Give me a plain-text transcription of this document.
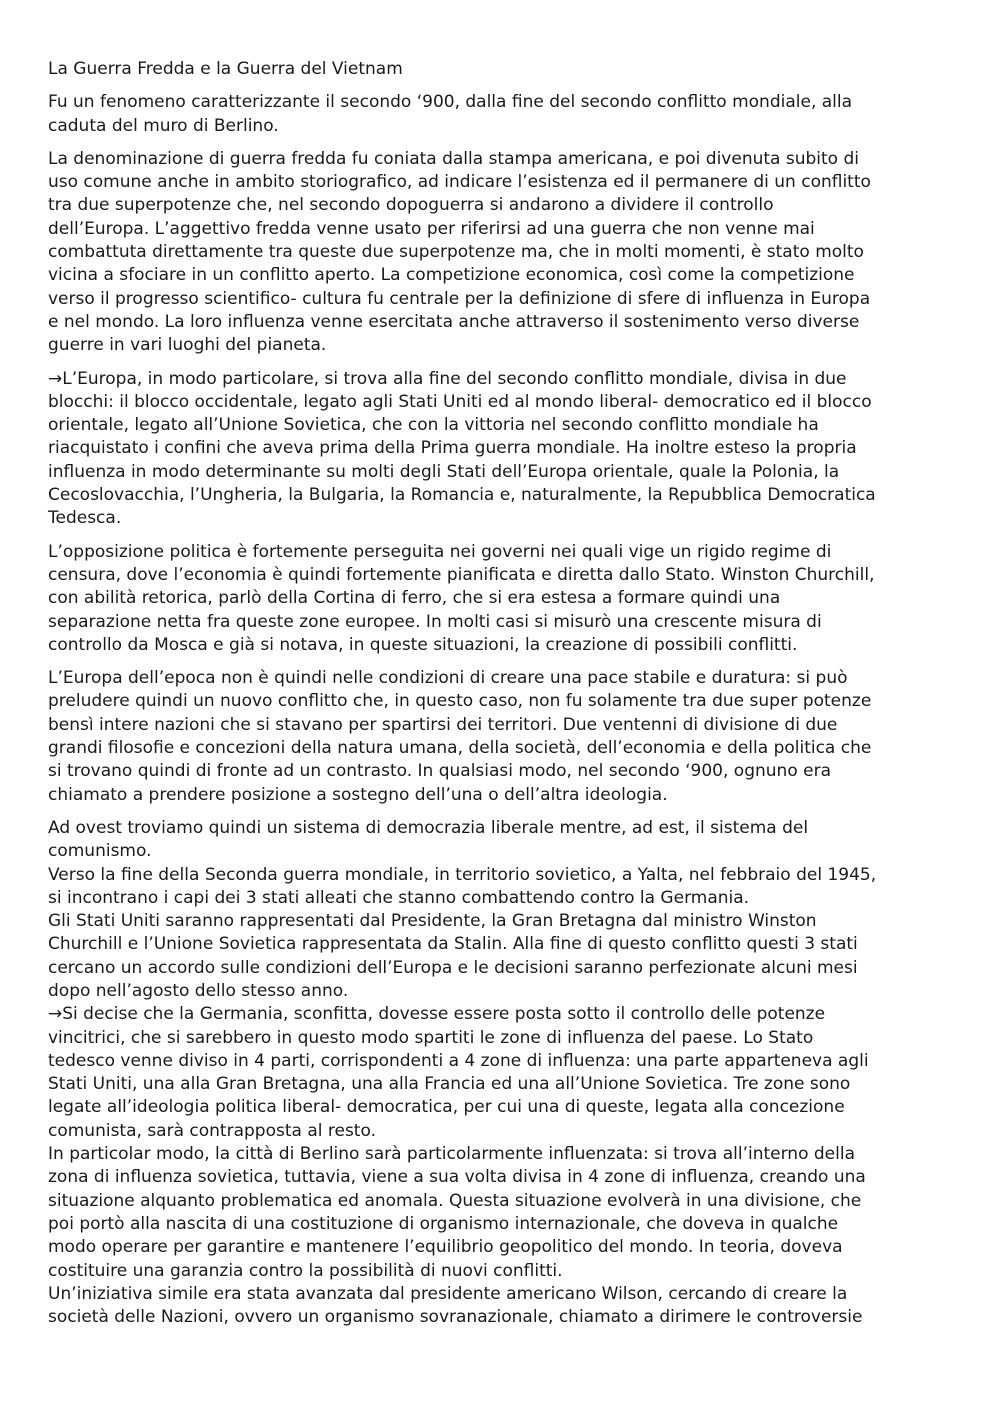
La Guerra Fredda e la Guerra del Vietnam
Fu un fenomeno caratterizzante il secondo ‘900, dalla fine del secondo conflitto mondiale, alla
caduta del muro di Berlino.
La denominazione di guerra fredda fu coniata dalla stampa americana, e poi divenuta subito di
uso comune anche in ambito storiografico, ad indicare l’esistenza ed il permanere di un conflitto
tra due superpotenze che, nel secondo dopoguerra si andarono a dividere il controllo
dell’Europa. L’aggettivo fredda venne usato per riferirsi ad una guerra che non venne mai
combattuta direttamente tra queste due superpotenze ma, che in molti momenti, è stato molto
vicina a sfociare in un conflitto aperto. La competizione economica, così come la competizione
verso il progresso scientifico- cultura fu centrale per la definizione di sfere di influenza in Europa
e nel mondo. La loro influenza venne esercitata anche attraverso il sostenimento verso diverse
guerre in vari luoghi del pianeta.
→L’Europa, in modo particolare, si trova alla fine del secondo conflitto mondiale, divisa in due
blocchi: il blocco occidentale, legato agli Stati Uniti ed al mondo liberal- democratico ed il blocco
orientale, legato all’Unione Sovietica, che con la vittoria nel secondo conflitto mondiale ha
riacquistato i confini che aveva prima della Prima guerra mondiale. Ha inoltre esteso la propria
influenza in modo determinante su molti degli Stati dell’Europa orientale, quale la Polonia, la
Cecoslovacchia, l’Ungheria, la Bulgaria, la Romancia e, naturalmente, la Repubblica Democratica
Tedesca.
L’opposizione politica è fortemente perseguita nei governi nei quali vige un rigido regime di
censura, dove l’economia è quindi fortemente pianificata e diretta dallo Stato. Winston Churchill,
con abilità retorica, parlò della Cortina di ferro, che si era estesa a formare quindi una
separazione netta fra queste zone europee. In molti casi si misurò una crescente misura di
controllo da Mosca e già si notava, in queste situazioni, la creazione di possibili conflitti.
L’Europa dell’epoca non è quindi nelle condizioni di creare una pace stabile e duratura: si può
preludere quindi un nuovo conflitto che, in questo caso, non fu solamente tra due super potenze
bensì intere nazioni che si stavano per spartirsi dei territori. Due ventenni di divisione di due
grandi filosofie e concezioni della natura umana, della società, dell’economia e della politica che
si trovano quindi di fronte ad un contrasto. In qualsiasi modo, nel secondo ‘900, ognuno era
chiamato a prendere posizione a sostegno dell’una o dell’altra ideologia.
Ad ovest troviamo quindi un sistema di democrazia liberale mentre, ad est, il sistema del
comunismo.
Verso la fine della Seconda guerra mondiale, in territorio sovietico, a Yalta, nel febbraio del 1945,
si incontrano i capi dei 3 stati alleati che stanno combattendo contro la Germania.
Gli Stati Uniti saranno rappresentati dal Presidente, la Gran Bretagna dal ministro Winston
Churchill e l’Unione Sovietica rappresentata da Stalin. Alla fine di questo conflitto questi 3 stati
cercano un accordo sulle condizioni dell’Europa e le decisioni saranno perfezionate alcuni mesi
dopo nell’agosto dello stesso anno.
→Si decise che la Germania, sconfitta, dovesse essere posta sotto il controllo delle potenze
vincitrici, che si sarebbero in questo modo spartiti le zone di influenza del paese. Lo Stato
tedesco venne diviso in 4 parti, corrispondenti a 4 zone di influenza: una parte apparteneva agli
Stati Uniti, una alla Gran Bretagna, una alla Francia ed una all’Unione Sovietica. Tre zone sono
legate all’ideologia politica liberal- democratica, per cui una di queste, legata alla concezione
comunista, sarà contrapposta al resto.
In particolar modo, la città di Berlino sarà particolarmente influenzata: si trova all’interno della
zona di influenza sovietica, tuttavia, viene a sua volta divisa in 4 zone di influenza, creando una
situazione alquanto problematica ed anomala. Questa situazione evolverà in una divisione, che
poi portò alla nascita di una costituzione di organismo internazionale, che doveva in qualche
modo operare per garantire e mantenere l’equilibrio geopolitico del mondo. In teoria, doveva
costituire una garanzia contro la possibilità di nuovi conflitti.
Un’iniziativa simile era stata avanzata dal presidente americano Wilson, cercando di creare la
società delle Nazioni, ovvero un organismo sovranazionale, chiamato a dirimere le controversie
